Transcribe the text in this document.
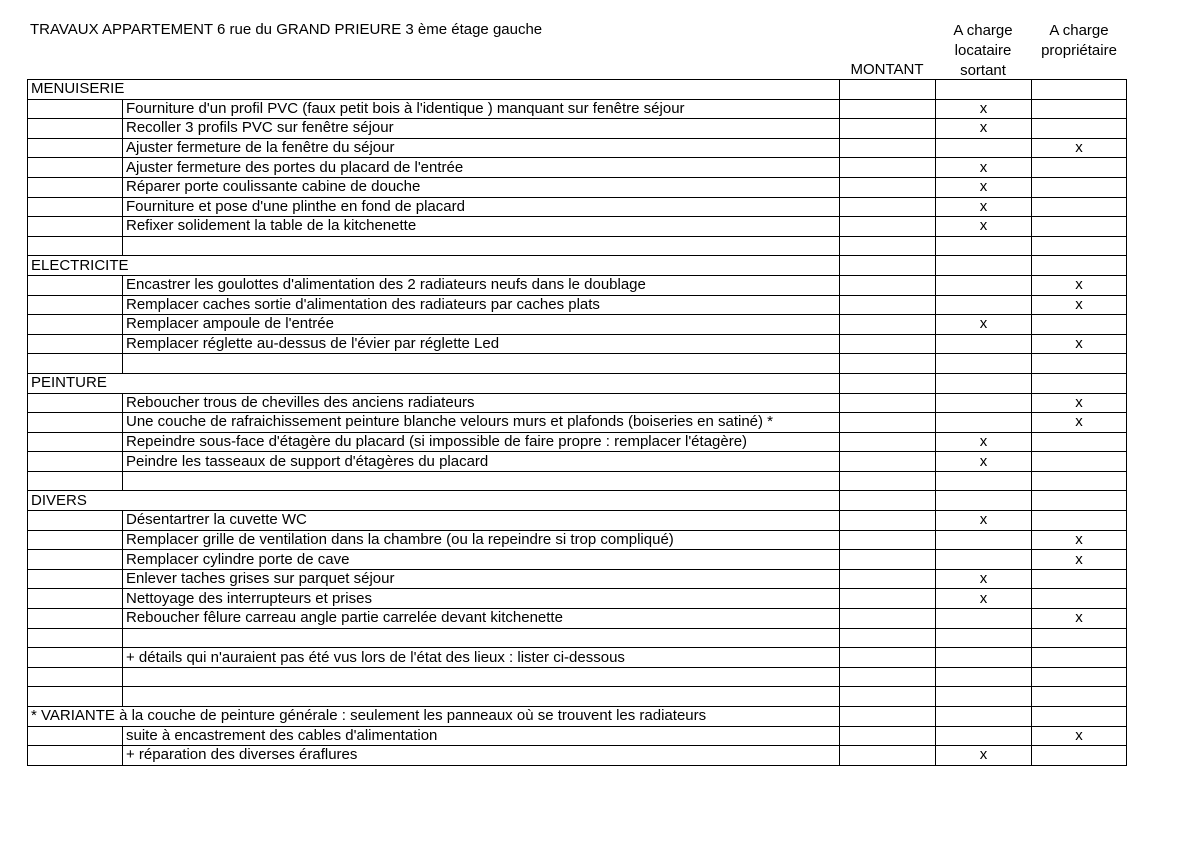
TRAVAUX APPARTEMENT 6 rue du GRAND PRIEURE 3 ème étage gauche
MONTANT
A charge
locataire
sortant
A charge
propriétaire
MENUISERIE				
	Fourniture d'un profil PVC (faux petit bois à l'identique ) manquant sur fenêtre séjour		x	
	Recoller 3 profils PVC sur fenêtre séjour		x	
	Ajuster fermeture de la fenêtre du séjour			x
	Ajuster fermeture des portes du placard de l'entrée		x	
	Réparer porte coulissante cabine de douche		x	
	Fourniture et pose d'une plinthe en fond de placard		x	
	Refixer solidement la table de la kitchenette		x	

ELECTRICITE				
	Encastrer les goulottes d'alimentation des 2 radiateurs neufs dans le doublage			x
	Remplacer caches sortie d'alimentation des radiateurs par caches plats			x
	Remplacer ampoule de l'entrée		x	
	Remplacer réglette au-dessus de l'évier par réglette Led			x

PEINTURE				
	Reboucher trous de chevilles des anciens radiateurs			x
	Une couche de rafraichissement peinture blanche velours murs et plafonds (boiseries en satiné) *			x
	Repeindre sous-face d'étagère du placard (si impossible de faire propre : remplacer l'étagère)		x	
	Peindre les tasseaux de support d'étagères du placard		x	

DIVERS				
	Désentartrer la cuvette WC		x	
	Remplacer grille de ventilation dans la chambre (ou la repeindre si trop compliqué)			x
	Remplacer cylindre porte de cave			x
	Enlever taches grises sur parquet séjour		x	
	Nettoyage des interrupteurs et prises		x	
	Reboucher fêlure carreau angle partie carrelée devant kitchenette			x

	+ détails qui n'auraient pas été vus lors de l'état des lieux : lister ci-dessous			

* VARIANTE à la couche de peinture générale : seulement les panneaux où se trouvent les radiateurs				
	suite à encastrement des cables d'alimentation			x
	+ réparation des diverses éraflures		x	
